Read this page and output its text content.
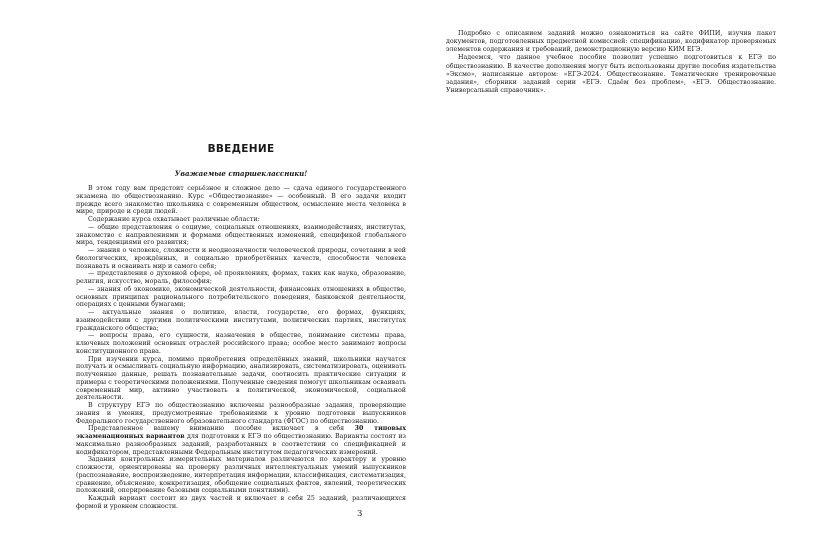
Подробно с описанием заданий можно ознакомиться на сайте ФИПИ, изучив пакет документов, подготовленных предметной комиссией: спецификацию, кодификатор проверяемых элементов содержания и требований, демонстрационную версию КИМ ЕГЭ.

Надеемся, что данное учебное пособие позволит успешно подготовиться к ЕГЭ по обществознанию. В качестве дополнения могут быть использованы другие пособия издательства «Эксмо», написанные автором: «ЕГЭ-2024. Обществознание. Тематические тренировочные задания», сборники заданий серии «ЕГЭ. Сдаём без проблем», «ЕГЭ. Обществознание. Универсальный справочник».

ВВЕДЕНИЕ
Уважаемые старшеклассники!

В этом году вам предстоит серьёзное и сложное дело — сдача единого государственного экзамена по обществознанию. Курс «Обществознание» — особенный. В его задачи входит прежде всего знакомство школьника с современным обществом, осмысление места человека в мире, природе и среди людей.

Содержание курса охватывает различные области:

— общие представления о социуме, социальных отношениях, взаимодействиях, институтах, знакомство с направлениями и формами общественных изменений, спецификой глобального мира, тенденциями его развития;

— знания о человеке, сложности и неоднозначности человеческой природы, сочетании в ней биологических, врождённых, и социально приобретённых качеств, способности человека познавать и осваивать мир и самого себя;

— представления о духовной сфере, её проявлениях, формах, таких как наука, образование, религия, искусство, мораль, философия;

— знания об экономике, экономической деятельности, финансовых отношениях в обществе, основных принципах рационального потребительского поведения, банковской деятельности, операциях с ценными бумагами;

— актуальные знания о политике, власти, государстве, его формах, функциях, взаимодействии с другими политическими институтами, политических партиях, институтах гражданского общества;

— вопросы права, его сущности, назначения в обществе, понимание системы права, ключевых положений основных отраслей российского права; особое место занимают вопросы конституционного права.

При изучении курса, помимо приобретения определённых знаний, школьники научатся получать и осмысливать социальную информацию, анализировать, систематизировать, оценивать полученные данные, решать познавательные задачи, соотносить практические ситуации и примеры с теоретическими положениями. Полученные сведения помогут школьникам осваивать современный мир, активно участвовать в политической, экономической, социальной деятельности.

В структуру ЕГЭ по обществознанию включены разнообразные задания, проверяющие знания и умения, предусмотренные требованиями к уровню подготовки выпускников Федерального государственного образовательного стандарта (ФГОС) по обществознанию.

Представленное вашему вниманию пособие включает в себя 30 типовых экзаменационных вариантов для подготовки к ЕГЭ по обществознанию. Варианты состоят из максимально разнообразных заданий, разработанных в соответствии со спецификацией и кодификатором, представленными Федеральным институтом педагогических измерений.

Задания контрольных измерительных материалов различаются по характеру и уровню сложности, ориентированы на проверку различных интеллектуальных умений выпускников (распознавание, воспроизведение, интерпретация информации, классификация, систематизация, сравнение, объяснение, конкретизация, обобщение социальных фактов, явлений, теоретических положений, оперирование базовыми социальными понятиями).

Каждый вариант состоит из двух частей и включает в себя 25 заданий, различающихся формой и уровнем сложности.

3
